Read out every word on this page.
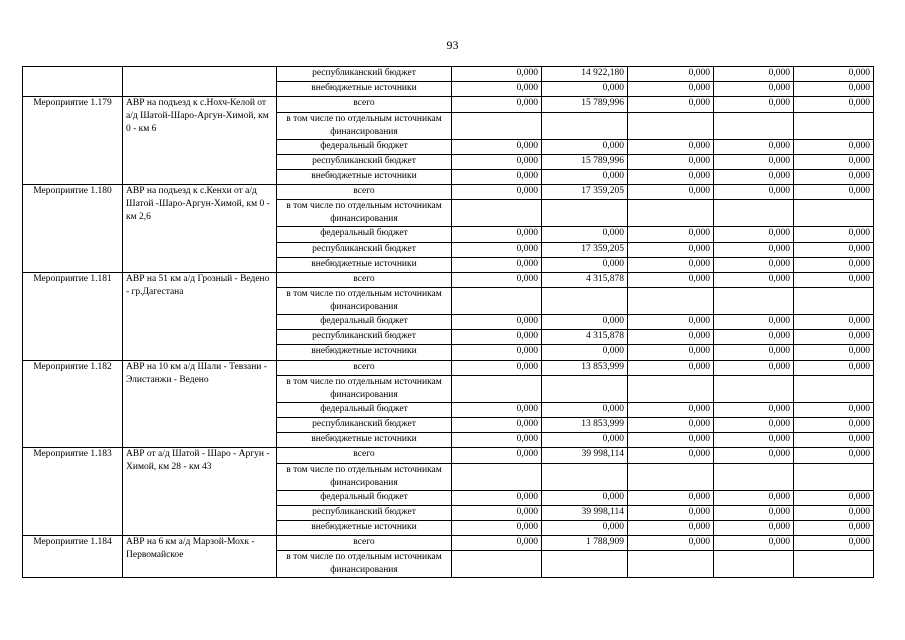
93
		республиканский бюджет	0,000	14 922,180	0,000	0,000	0,000
		внебюджетные источники	0,000	0,000	0,000	0,000	0,000
Мероприятие 1.179	АВР на подъезд к с.Нохч-Келой от а/д Шатой-Шаро-Аргун-Химой, км 0 - км 6	всего	0,000	15 789,996	0,000	0,000	0,000
		в том числе по отдельным источникам финансирования					
		федеральный бюджет	0,000	0,000	0,000	0,000	0,000
		республиканский бюджет	0,000	15 789,996	0,000	0,000	0,000
		внебюджетные источники	0,000	0,000	0,000	0,000	0,000
Мероприятие 1.180	АВР на подъезд к с.Кенхи от а/д Шатой -Шаро-Аргун-Химой, км 0 - км 2,6	всего	0,000	17 359,205	0,000	0,000	0,000
		в том числе по отдельным источникам финансирования					
		федеральный бюджет	0,000	0,000	0,000	0,000	0,000
		республиканский бюджет	0,000	17 359,205	0,000	0,000	0,000
		внебюджетные источники	0,000	0,000	0,000	0,000	0,000
Мероприятие 1.181	АВР на 51 км а/д Грозный - Ведено - гр.Дагестана	всего	0,000	4 315,878	0,000	0,000	0,000
		в том числе по отдельным источникам финансирования					
		федеральный бюджет	0,000	0,000	0,000	0,000	0,000
		республиканский бюджет	0,000	4 315,878	0,000	0,000	0,000
		внебюджетные источники	0,000	0,000	0,000	0,000	0,000
Мероприятие 1.182	АВР на 10 км а/д Шали - Тевзани - Элистанжи - Ведено	всего	0,000	13 853,999	0,000	0,000	0,000
		в том числе по отдельным источникам финансирования					
		федеральный бюджет	0,000	0,000	0,000	0,000	0,000
		республиканский бюджет	0,000	13 853,999	0,000	0,000	0,000
		внебюджетные источники	0,000	0,000	0,000	0,000	0,000
Мероприятие 1.183	АВР от а/д Шатой - Шаро - Аргун - Химой, км 28 - км 43	всего	0,000	39 998,114	0,000	0,000	0,000
		в том числе по отдельным источникам финансирования					
		федеральный бюджет	0,000	0,000	0,000	0,000	0,000
		республиканский бюджет	0,000	39 998,114	0,000	0,000	0,000
		внебюджетные источники	0,000	0,000	0,000	0,000	0,000
Мероприятие 1.184	АВР на 6 км а/д Марзой-Мохк - Первомайское	всего	0,000	1 788,909	0,000	0,000	0,000
		в том числе по отдельным источникам финансирования					
